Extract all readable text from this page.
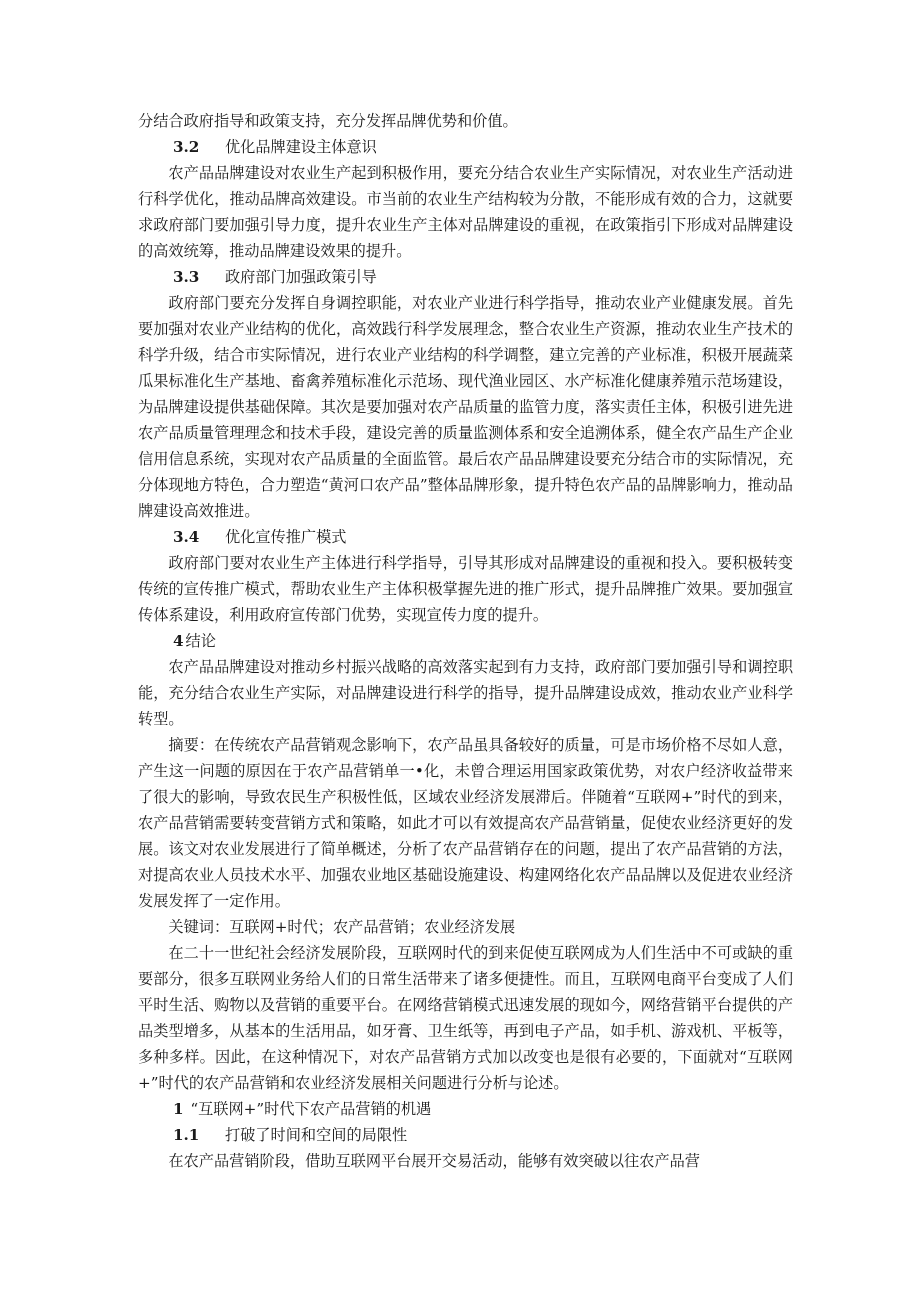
分结合政府指导和政策支持，充分发挥品牌优势和价值。

3.2 优化品牌建设主体意识

农产品品牌建设对农业生产起到积极作用，要充分结合农业生产实际情况，对农业生产活动进行科学优化，推动品牌高效建设。市当前的农业生产结构较为分散，不能形成有效的合力，这就要求政府部门要加强引导力度，提升农业生产主体对品牌建设的重视，在政策指引下形成对品牌建设的高效统筹，推动品牌建设效果的提升。

3.3 政府部门加强政策引导

政府部门要充分发挥自身调控职能，对农业产业进行科学指导，推动农业产业健康发展。首先要加强对农业产业结构的优化，高效践行科学发展理念，整合农业生产资源，推动农业生产技术的科学升级，结合市实际情况，进行农业产业结构的科学调整，建立完善的产业标准，积极开展蔬菜瓜果标准化生产基地、畜禽养殖标准化示范场、现代渔业园区、水产标准化健康养殖示范场建设，为品牌建设提供基础保障。其次是要加强对农产品质量的监管力度，落实责任主体，积极引进先进农产品质量管理理念和技术手段，建设完善的质量监测体系和安全追溯体系，健全农产品生产企业信用信息系统，实现对农产品质量的全面监管。最后农产品品牌建设要充分结合市的实际情况，充分体现地方特色，合力塑造“黄河口农产品”整体品牌形象，提升特色农产品的品牌影响力，推动品牌建设高效推进。

3.4 优化宣传推广模式

政府部门要对农业生产主体进行科学指导，引导其形成对品牌建设的重视和投入。要积极转变传统的宣传推广模式，帮助农业生产主体积极掌握先进的推广形式，提升品牌推广效果。要加强宣传体系建设，利用政府宣传部门优势，实现宣传力度的提升。

4 结论

农产品品牌建设对推动乡村振兴战略的高效落实起到有力支持，政府部门要加强引导和调控职能，充分结合农业生产实际，对品牌建设进行科学的指导，提升品牌建设成效，推动农业产业科学转型。

摘要：在传统农产品营销观念影响下，农产品虽具备较好的质量，可是市场价格不尽如人意，产生这一问题的原因在于农产品营销单一•化，未曾合理运用国家政策优势，对农户经济收益带来了很大的影响，导致农民生产积极性低，区域农业经济发展滞后。伴随着“互联网+”时代的到来，农产品营销需要转变营销方式和策略，如此才可以有效提高农产品营销量，促使农业经济更好的发展。该文对农业发展进行了简单概述，分析了农产品营销存在的问题，提出了农产品营销的方法，对提高农业人员技术水平、加强农业地区基础设施建设、构建网络化农产品品牌以及促进农业经济发展发挥了一定作用。

关键词：互联网+时代；农产品营销；农业经济发展

在二十一世纪社会经济发展阶段，互联网时代的到来促使互联网成为人们生活中不可或缺的重要部分，很多互联网业务给人们的日常生活带来了诸多便捷性。而且，互联网电商平台变成了人们平时生活、购物以及营销的重要平台。在网络营销模式迅速发展的现如今，网络营销平台提供的产品类型增多，从基本的生活用品，如牙膏、卫生纸等，再到电子产品，如手机、游戏机、平板等，多种多样。因此，在这种情况下，对农产品营销方式加以改变也是很有必要的，下面就对“互联网+”时代的农产品营销和农业经济发展相关问题进行分析与论述。

1 “互联网+”时代下农产品营销的机遇

1.1 打破了时间和空间的局限性

在农产品营销阶段，借助互联网平台展开交易活动，能够有效突破以往农产品营
